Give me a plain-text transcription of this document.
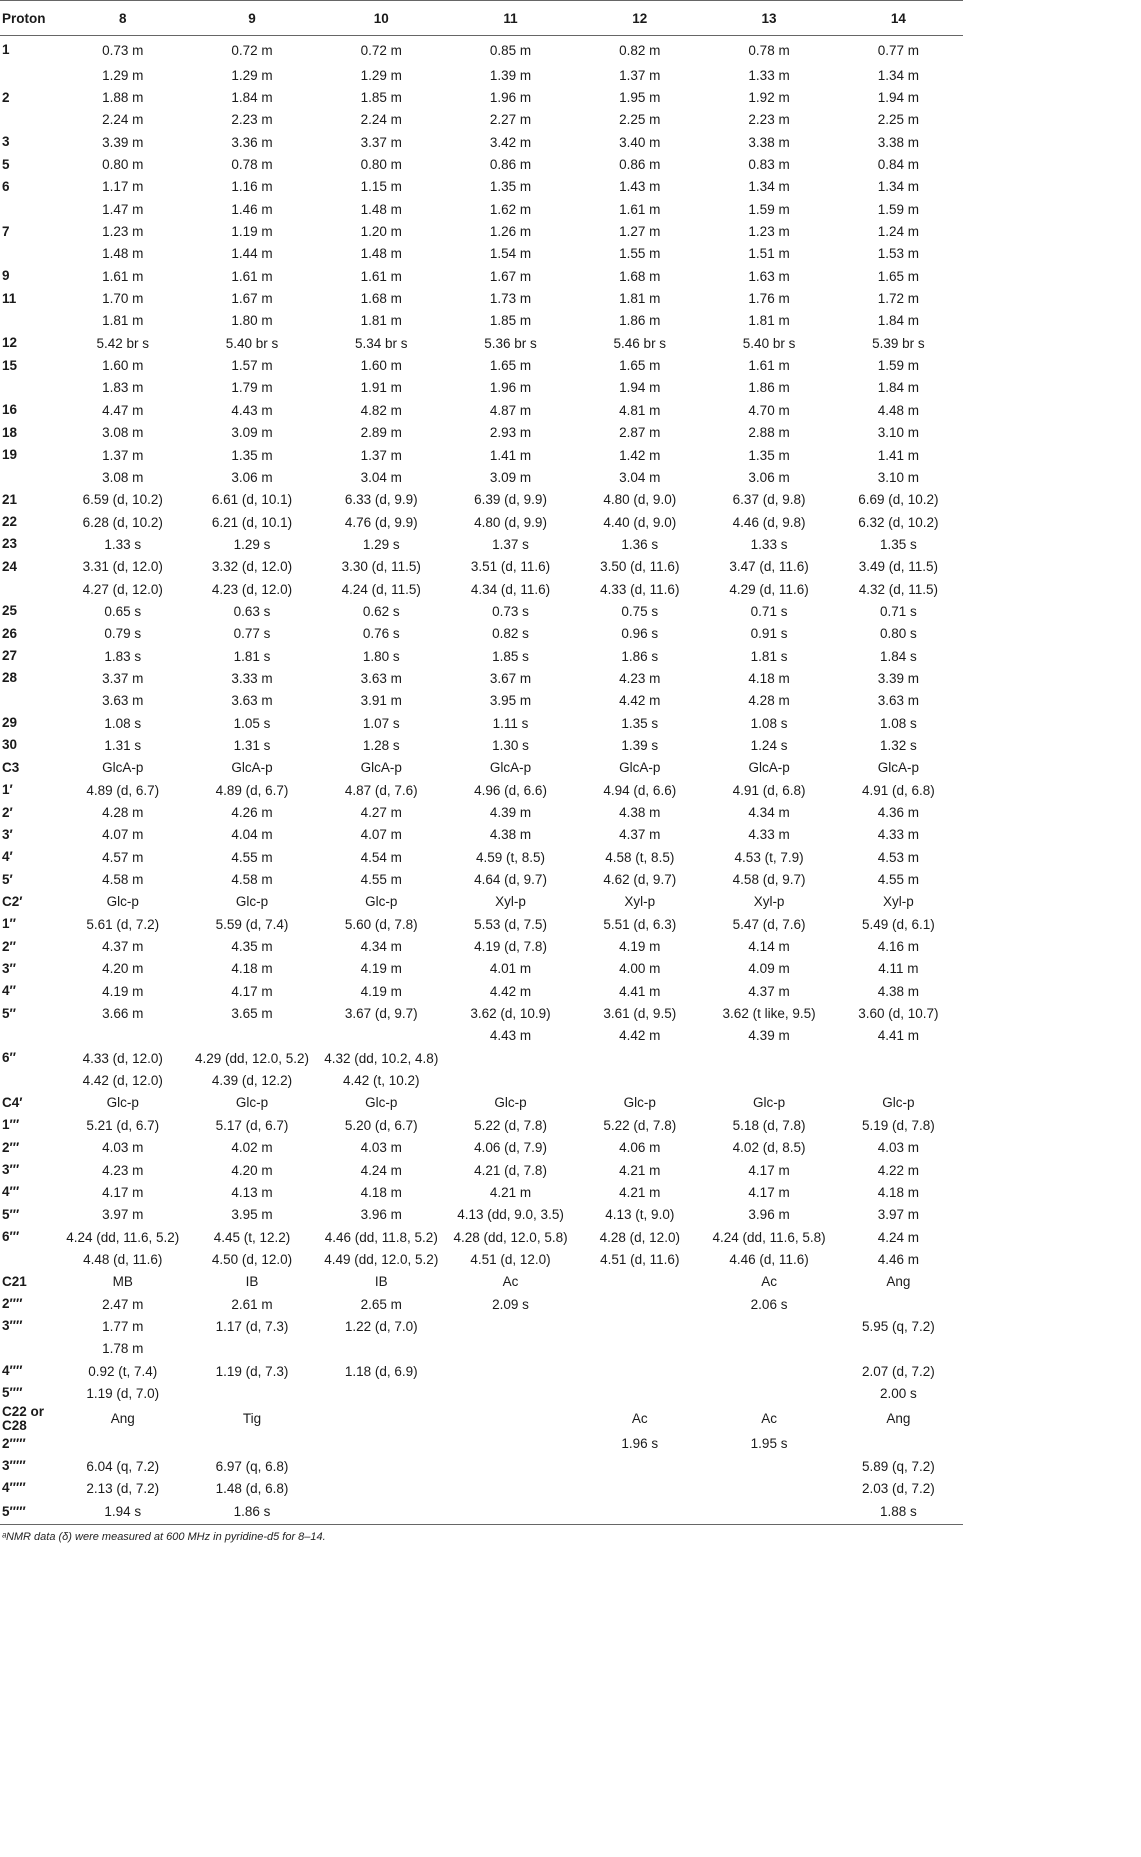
Proton	8	9	10	11	12	13	14
1	0.73 m	0.72 m	0.72 m	0.85 m	0.82 m	0.78 m	0.77 m
	1.29 m	1.29 m	1.29 m	1.39 m	1.37 m	1.33 m	1.34 m
2	1.88 m	1.84 m	1.85 m	1.96 m	1.95 m	1.92 m	1.94 m
	2.24 m	2.23 m	2.24 m	2.27 m	2.25 m	2.23 m	2.25 m
3	3.39 m	3.36 m	3.37 m	3.42 m	3.40 m	3.38 m	3.38 m
5	0.80 m	0.78 m	0.80 m	0.86 m	0.86 m	0.83 m	0.84 m
6	1.17 m	1.16 m	1.15 m	1.35 m	1.43 m	1.34 m	1.34 m
	1.47 m	1.46 m	1.48 m	1.62 m	1.61 m	1.59 m	1.59 m
7	1.23 m	1.19 m	1.20 m	1.26 m	1.27 m	1.23 m	1.24 m
	1.48 m	1.44 m	1.48 m	1.54 m	1.55 m	1.51 m	1.53 m
9	1.61 m	1.61 m	1.61 m	1.67 m	1.68 m	1.63 m	1.65 m
11	1.70 m	1.67 m	1.68 m	1.73 m	1.81 m	1.76 m	1.72 m
	1.81 m	1.80 m	1.81 m	1.85 m	1.86 m	1.81 m	1.84 m
12	5.42 br s	5.40 br s	5.34 br s	5.36 br s	5.46 br s	5.40 br s	5.39 br s
15	1.60 m	1.57 m	1.60 m	1.65 m	1.65 m	1.61 m	1.59 m
	1.83 m	1.79 m	1.91 m	1.96 m	1.94 m	1.86 m	1.84 m
16	4.47 m	4.43 m	4.82 m	4.87 m	4.81 m	4.70 m	4.48 m
18	3.08 m	3.09 m	2.89 m	2.93 m	2.87 m	2.88 m	3.10 m
19	1.37 m	1.35 m	1.37 m	1.41 m	1.42 m	1.35 m	1.41 m
	3.08 m	3.06 m	3.04 m	3.09 m	3.04 m	3.06 m	3.10 m
21	6.59 (d, 10.2)	6.61 (d, 10.1)	6.33 (d, 9.9)	6.39 (d, 9.9)	4.80 (d, 9.0)	6.37 (d, 9.8)	6.69 (d, 10.2)
22	6.28 (d, 10.2)	6.21 (d, 10.1)	4.76 (d, 9.9)	4.80 (d, 9.9)	4.40 (d, 9.0)	4.46 (d, 9.8)	6.32 (d, 10.2)
23	1.33 s	1.29 s	1.29 s	1.37 s	1.36 s	1.33 s	1.35 s
24	3.31 (d, 12.0)	3.32 (d, 12.0)	3.30 (d, 11.5)	3.51 (d, 11.6)	3.50 (d, 11.6)	3.47 (d, 11.6)	3.49 (d, 11.5)
	4.27 (d, 12.0)	4.23 (d, 12.0)	4.24 (d, 11.5)	4.34 (d, 11.6)	4.33 (d, 11.6)	4.29 (d, 11.6)	4.32 (d, 11.5)
25	0.65 s	0.63 s	0.62 s	0.73 s	0.75 s	0.71 s	0.71 s
26	0.79 s	0.77 s	0.76 s	0.82 s	0.96 s	0.91 s	0.80 s
27	1.83 s	1.81 s	1.80 s	1.85 s	1.86 s	1.81 s	1.84 s
28	3.37 m	3.33 m	3.63 m	3.67 m	4.23 m	4.18 m	3.39 m
	3.63 m	3.63 m	3.91 m	3.95 m	4.42 m	4.28 m	3.63 m
29	1.08 s	1.05 s	1.07 s	1.11 s	1.35 s	1.08 s	1.08 s
30	1.31 s	1.31 s	1.28 s	1.30 s	1.39 s	1.24 s	1.32 s
C3	GlcA-p	GlcA-p	GlcA-p	GlcA-p	GlcA-p	GlcA-p	GlcA-p
1′	4.89 (d, 6.7)	4.89 (d, 6.7)	4.87 (d, 7.6)	4.96 (d, 6.6)	4.94 (d, 6.6)	4.91 (d, 6.8)	4.91 (d, 6.8)
2′	4.28 m	4.26 m	4.27 m	4.39 m	4.38 m	4.34 m	4.36 m
3′	4.07 m	4.04 m	4.07 m	4.38 m	4.37 m	4.33 m	4.33 m
4′	4.57 m	4.55 m	4.54 m	4.59 (t, 8.5)	4.58 (t, 8.5)	4.53 (t, 7.9)	4.53 m
5′	4.58 m	4.58 m	4.55 m	4.64 (d, 9.7)	4.62 (d, 9.7)	4.58 (d, 9.7)	4.55 m
C2′	Glc-p	Glc-p	Glc-p	Xyl-p	Xyl-p	Xyl-p	Xyl-p
1′′	5.61 (d, 7.2)	5.59 (d, 7.4)	5.60 (d, 7.8)	5.53 (d, 7.5)	5.51 (d, 6.3)	5.47 (d, 7.6)	5.49 (d, 6.1)
2′′	4.37 m	4.35 m	4.34 m	4.19 (d, 7.8)	4.19 m	4.14 m	4.16 m
3′′	4.20 m	4.18 m	4.19 m	4.01 m	4.00 m	4.09 m	4.11 m
4′′	4.19 m	4.17 m	4.19 m	4.42 m	4.41 m	4.37 m	4.38 m
5′′	3.66 m	3.65 m	3.67 (d, 9.7)	3.62 (d, 10.9)	3.61 (d, 9.5)	3.62 (t like, 9.5)	3.60 (d, 10.7)
				4.43 m	4.42 m	4.39 m	4.41 m
6′′	4.33 (d, 12.0)	4.29 (dd, 12.0, 5.2)	4.32 (dd, 10.2, 4.8)				
	4.42 (d, 12.0)	4.39 (d, 12.2)	4.42 (t, 10.2)				
C4′	Glc-p	Glc-p	Glc-p	Glc-p	Glc-p	Glc-p	Glc-p
1′′′	5.21 (d, 6.7)	5.17 (d, 6.7)	5.20 (d, 6.7)	5.22 (d, 7.8)	5.22 (d, 7.8)	5.18 (d, 7.8)	5.19 (d, 7.8)
2′′′	4.03 m	4.02 m	4.03 m	4.06 (d, 7.9)	4.06 m	4.02 (d, 8.5)	4.03 m
3′′′	4.23 m	4.20 m	4.24 m	4.21 (d, 7.8)	4.21 m	4.17 m	4.22 m
4′′′	4.17 m	4.13 m	4.18 m	4.21 m	4.21 m	4.17 m	4.18 m
5′′′	3.97 m	3.95 m	3.96 m	4.13 (dd, 9.0, 3.5)	4.13 (t, 9.0)	3.96 m	3.97 m
6′′′	4.24 (dd, 11.6, 5.2)	4.45 (t, 12.2)	4.46 (dd, 11.8, 5.2)	4.28 (dd, 12.0, 5.8)	4.28 (d, 12.0)	4.24 (dd, 11.6, 5.8)	4.24 m
	4.48 (d, 11.6)	4.50 (d, 12.0)	4.49 (dd, 12.0, 5.2)	4.51 (d, 12.0)	4.51 (d, 11.6)	4.46 (d, 11.6)	4.46 m
C21	MB	IB	IB	Ac		Ac	Ang
2′′′′	2.47 m	2.61 m	2.65 m	2.09 s		2.06 s	
3′′′′	1.77 m	1.17 (d, 7.3)	1.22 (d, 7.0)				5.95 (q, 7.2)
	1.78 m						
4′′′′	0.92 (t, 7.4)	1.19 (d, 7.3)	1.18 (d, 6.9)				2.07 (d, 7.2)
5′′′′	1.19 (d, 7.0)						2.00 s
C22 or C28	Ang	Tig			Ac	Ac	Ang
2′′′′′					1.96 s	1.95 s	
3′′′′′	6.04 (q, 7.2)	6.97 (q, 6.8)					5.89 (q, 7.2)
4′′′′′	2.13 (d, 7.2)	1.48 (d, 6.8)					2.03 (d, 7.2)
5′′′′′	1.94 s	1.86 s					1.88 s
ᵃNMR data (δ) were measured at 600 MHz in pyridine-d5 for 8–14.
